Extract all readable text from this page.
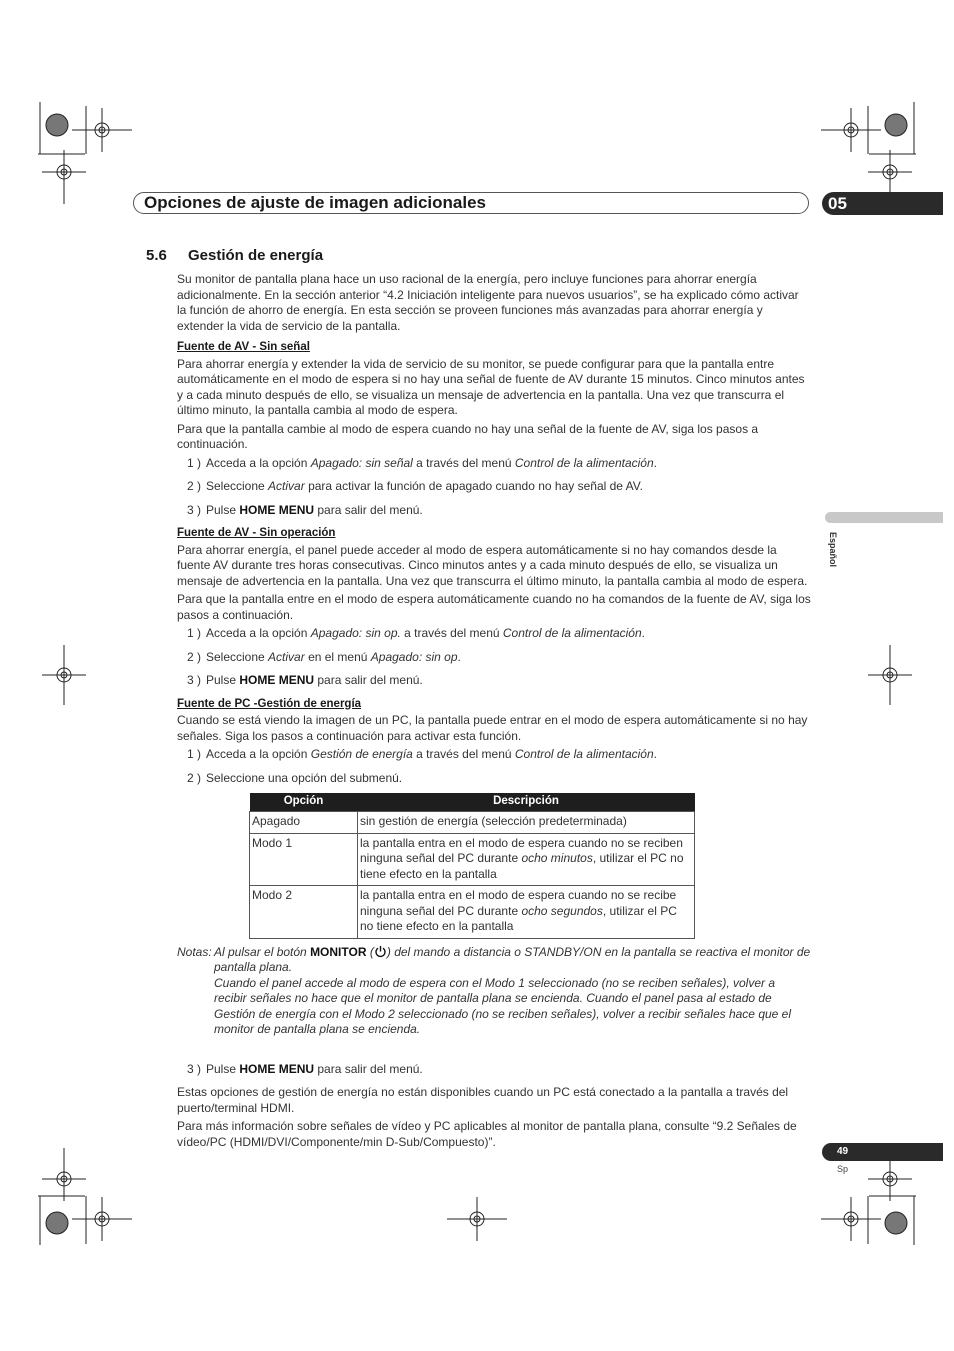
Opciones de ajuste de imagen adicionales	05
5.6 Gestión de energía

Su monitor de pantalla plana hace un uso racional de la energía, pero incluye funciones para ahorrar energía adicionalmente. En la sección anterior “4.2 Iniciación inteligente para nuevos usuarios”, se ha explicado cómo activar la función de ahorro de energía. En esta sección se proveen funciones más avanzadas para ahorrar energía y extender la vida de servicio de la pantalla.

Fuente de AV - Sin señal

Para ahorrar energía y extender la vida de servicio de su monitor, se puede configurar para que la pantalla entre automáticamente en el modo de espera si no hay una señal de fuente de AV durante 15 minutos. Cinco minutos antes y a cada minuto después de ello, se visualiza un mensaje de advertencia en la pantalla. Una vez que transcurra el último minuto, la pantalla cambia al modo de espera.

Para que la pantalla cambie al modo de espera cuando no hay una señal de la fuente de AV, siga los pasos a continuación.

1 ) Acceda a la opción Apagado: sin señal a través del menú Control de la alimentación.
2 ) Seleccione Activar para activar la función de apagado cuando no hay señal de AV.
3 ) Pulse HOME MENU para salir del menú.
Fuente de AV - Sin operación

Para ahorrar energía, el panel puede acceder al modo de espera automáticamente si no hay comandos desde la fuente AV durante tres horas consecutivas. Cinco minutos antes y a cada minuto después de ello, se visualiza un mensaje de advertencia en la pantalla. Una vez que transcurra el último minuto, la pantalla cambia al modo de espera.

Para que la pantalla entre en el modo de espera automáticamente cuando no ha comandos de la fuente de AV, siga los pasos a continuación.

1 ) Acceda a la opción Apagado: sin op. a través del menú Control de la alimentación.
2 ) Seleccione Activar en el menú Apagado: sin op.
3 ) Pulse HOME MENU para salir del menú.
Fuente de PC -Gestión de energía

Cuando se está viendo la imagen de un PC, la pantalla puede entrar en el modo de espera automáticamente si no hay señales. Siga los pasos a continuación para activar esta función.

1 ) Acceda a la opción Gestión de energía a través del menú Control de la alimentación.
2 ) Seleccione una opción del submenú.
Opción	Descripción
Apagado	sin gestión de energía (selección predeterminada)
Modo 1	la pantalla entra en el modo de espera cuando no se reciben ninguna señal del PC durante ocho minutos, utilizar el PC no tiene efecto en la pantalla
Modo 2	la pantalla entra en el modo de espera cuando no se recibe ninguna señal del PC durante ocho segundos, utilizar el PC no tiene efecto en la pantalla
Notas: Al pulsar el botón MONITOR ( ) del mando a distancia o STANDBY/ON en la pantalla se reactiva el monitor de pantalla plana.
Cuando el panel accede al modo de espera con el Modo 1 seleccionado (no se reciben señales), volver a recibir señales no hace que el monitor de pantalla plana se encienda. Cuando el panel pasa al estado de Gestión de energía con el Modo 2 seleccionado (no se reciben señales), volver a recibir señales hace que el monitor de pantalla plana se encienda.
3 ) Pulse HOME MENU para salir del menú.

Estas opciones de gestión de energía no están disponibles cuando un PC está conectado a la pantalla a través del puerto/terminal HDMI.

Para más información sobre señales de vídeo y PC aplicables al monitor de pantalla plana, consulte “9.2 Señales de vídeo/PC (HDMI/DVI/Componente/min D-Sub/Compuesto)”.

Español
49
Sp
